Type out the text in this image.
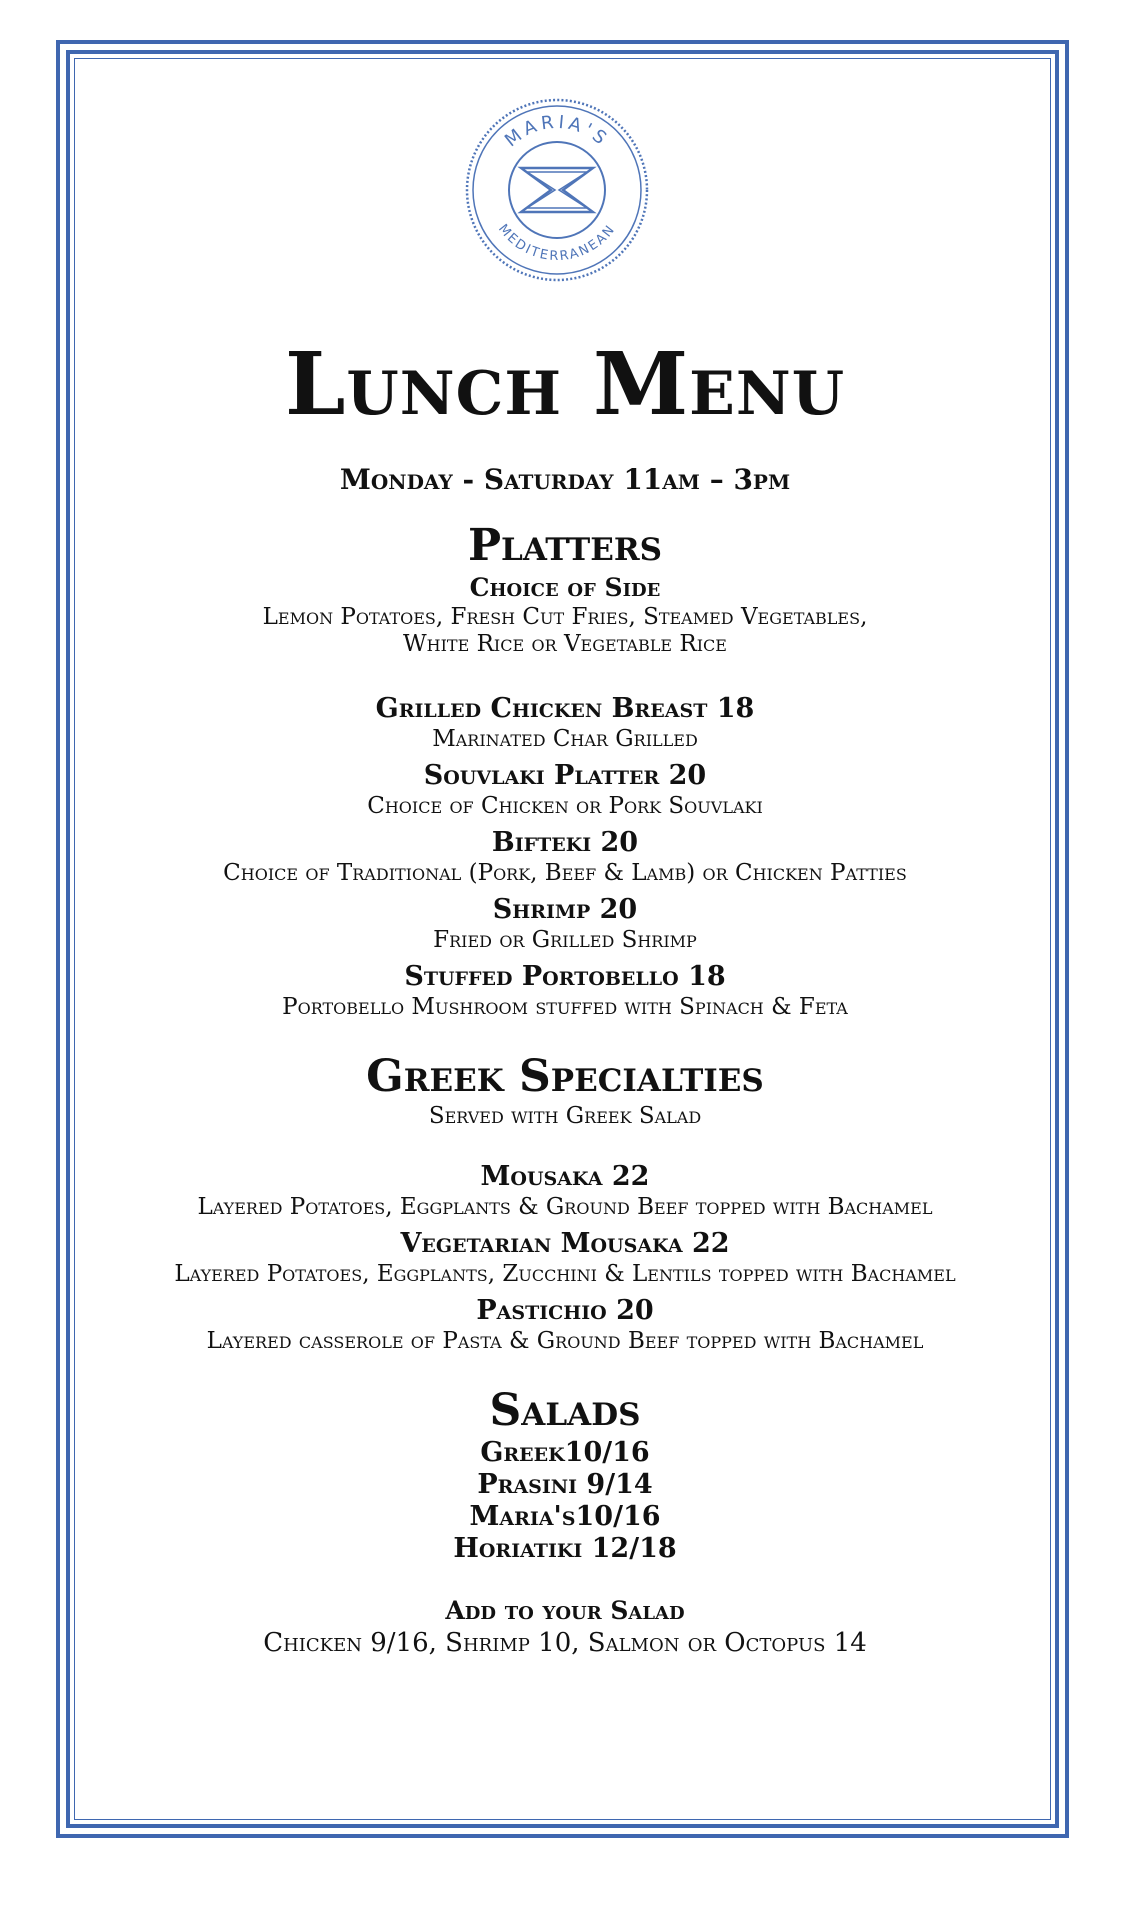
MARIA'S
MEDITERRANEAN
Lunch Menu
Monday - Saturday 11am – 3pm
Platters
Choice of Side
Lemon Potatoes, Fresh Cut Fries, Steamed Vegetables,
White Rice or Vegetable Rice
Grilled Chicken Breast 18
Marinated Char Grilled
Souvlaki Platter 20
Choice of Chicken or Pork Souvlaki
Bifteki 20
Choice of Traditional (Pork, Beef & Lamb) or Chicken Patties
Shrimp 20
Fried or Grilled Shrimp
Stuffed Portobello 18
Portobello Mushroom stuffed with Spinach & Feta
Greek Specialties
Served with Greek Salad
Mousaka 22
Layered Potatoes, Eggplants & Ground Beef topped with Bachamel
Vegetarian Mousaka 22
Layered Potatoes, Eggplants, Zucchini & Lentils topped with Bachamel
Pastichio 20
Layered casserole of Pasta & Ground Beef topped with Bachamel
Salads
Greek10/16
Prasini 9/14
Maria's10/16
Horiatiki 12/18
Add to your Salad
Chicken 9/16, Shrimp 10, Salmon or Octopus 14
